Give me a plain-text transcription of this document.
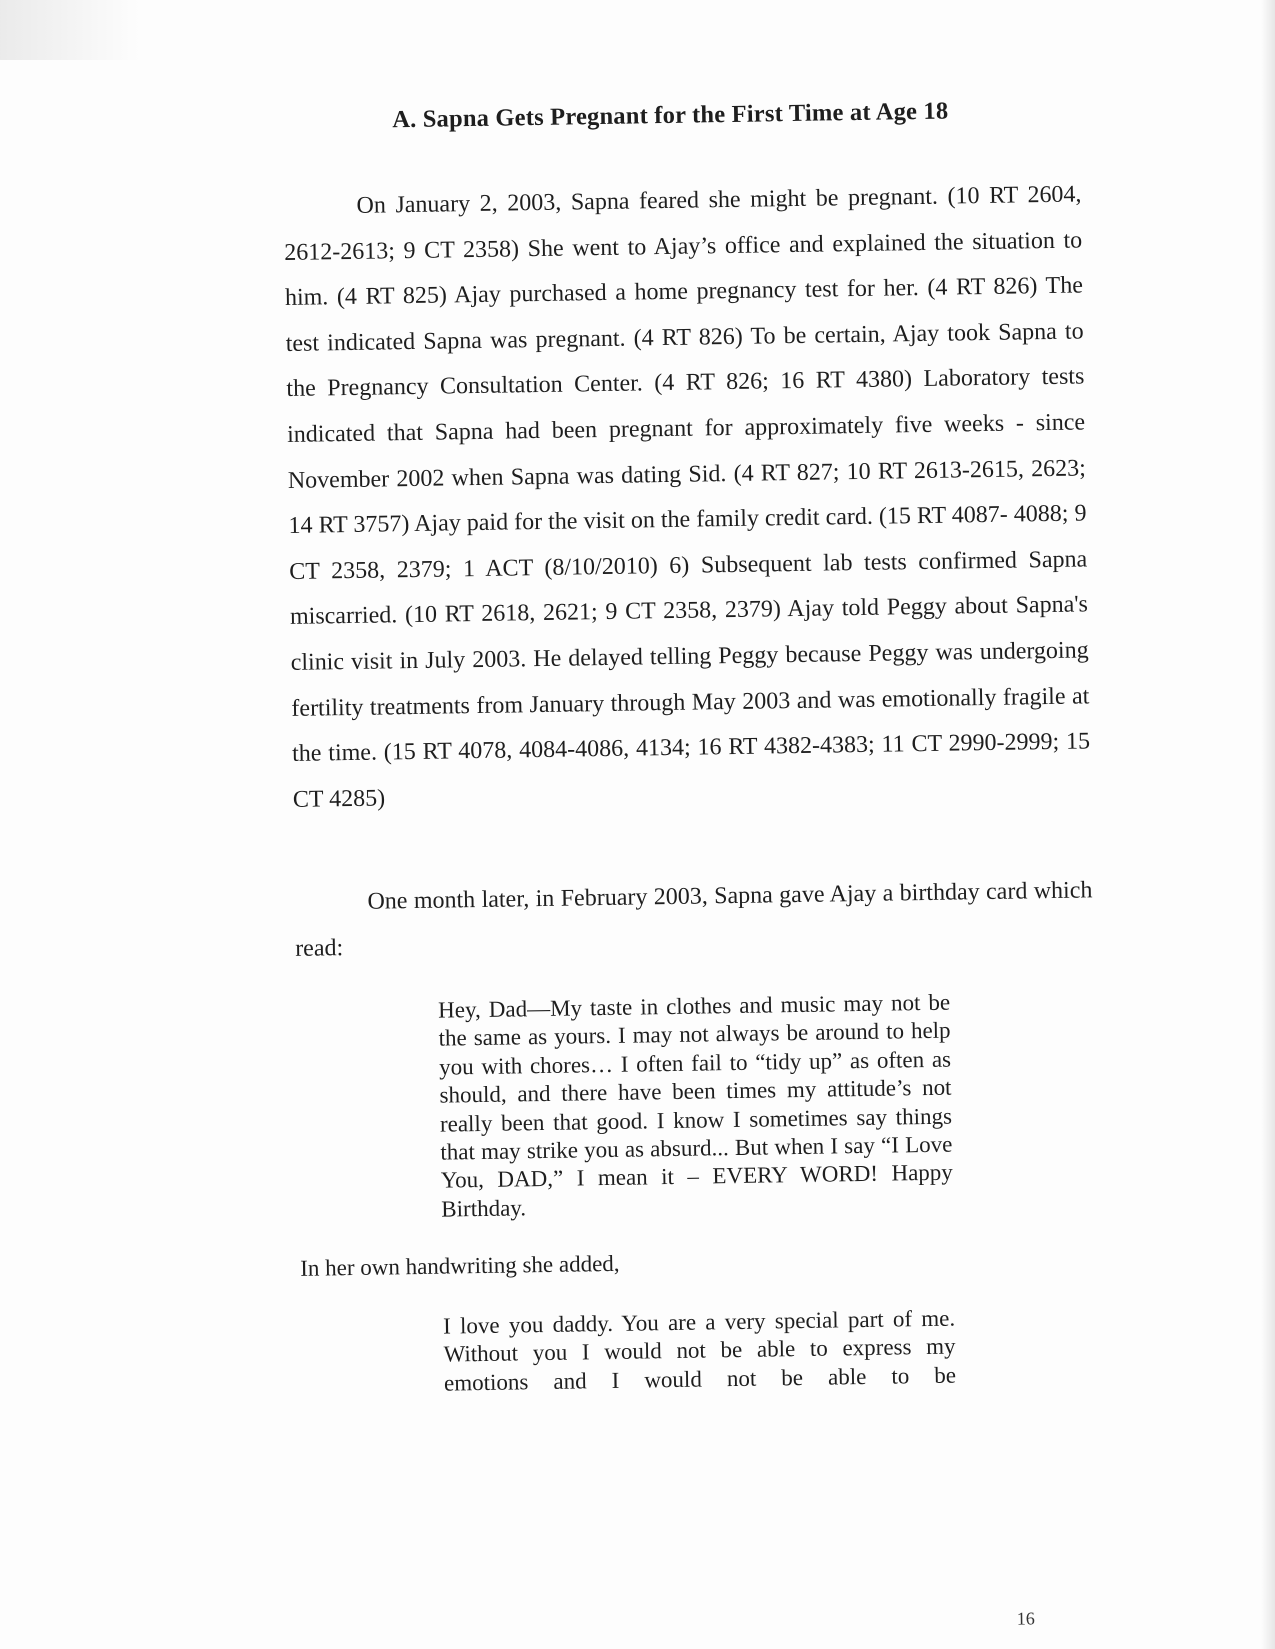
A. Sapna Gets Pregnant for the First Time at Age 18

On January 2, 2003, Sapna feared she might be pregnant. (10 RT 2604, 2612-2613; 9 CT 2358) She went to Ajay’s office and explained the situation to him. (4 RT 825) Ajay purchased a home pregnancy test for her. (4 RT 826) The test indicated Sapna was pregnant. (4 RT 826) To be certain, Ajay took Sapna to the Pregnancy Consultation Center. (4 RT 826; 16 RT 4380) Laboratory tests indicated that Sapna had been pregnant for approximately five weeks - since November 2002 when Sapna was dating Sid. (4 RT 827; 10 RT 2613-2615, 2623; 14 RT 3757) Ajay paid for the visit on the family credit card. (15 RT 4087- 4088; 9 CT 2358, 2379; 1 ACT (8/10/2010) 6) Subsequent lab tests confirmed Sapna miscarried. (10 RT 2618, 2621; 9 CT 2358, 2379) Ajay told Peggy about Sapna's clinic visit in July 2003. He delayed telling Peggy because Peggy was undergoing fertility treatments from January through May 2003 and was emotionally fragile at the time. (15 RT 4078, 4084-4086, 4134; 16 RT 4382-4383; 11 CT 2990-2999; 15 CT 4285)

One month later, in February 2003, Sapna gave Ajay a birthday card which read:

Hey, Dad—My taste in clothes and music may not be the same as yours. I may not always be around to help you with chores… I often fail to “tidy up” as often as should, and there have been times my attitude’s not really been that good. I know I sometimes say things that may strike you as absurd... But when I say “I Love You, DAD,” I mean it – EVERY WORD! Happy Birthday.

In her own handwriting she added,

I love you daddy. You are a very special part of me. Without you I would not be able to express my emotions and I would not be able to be

16
